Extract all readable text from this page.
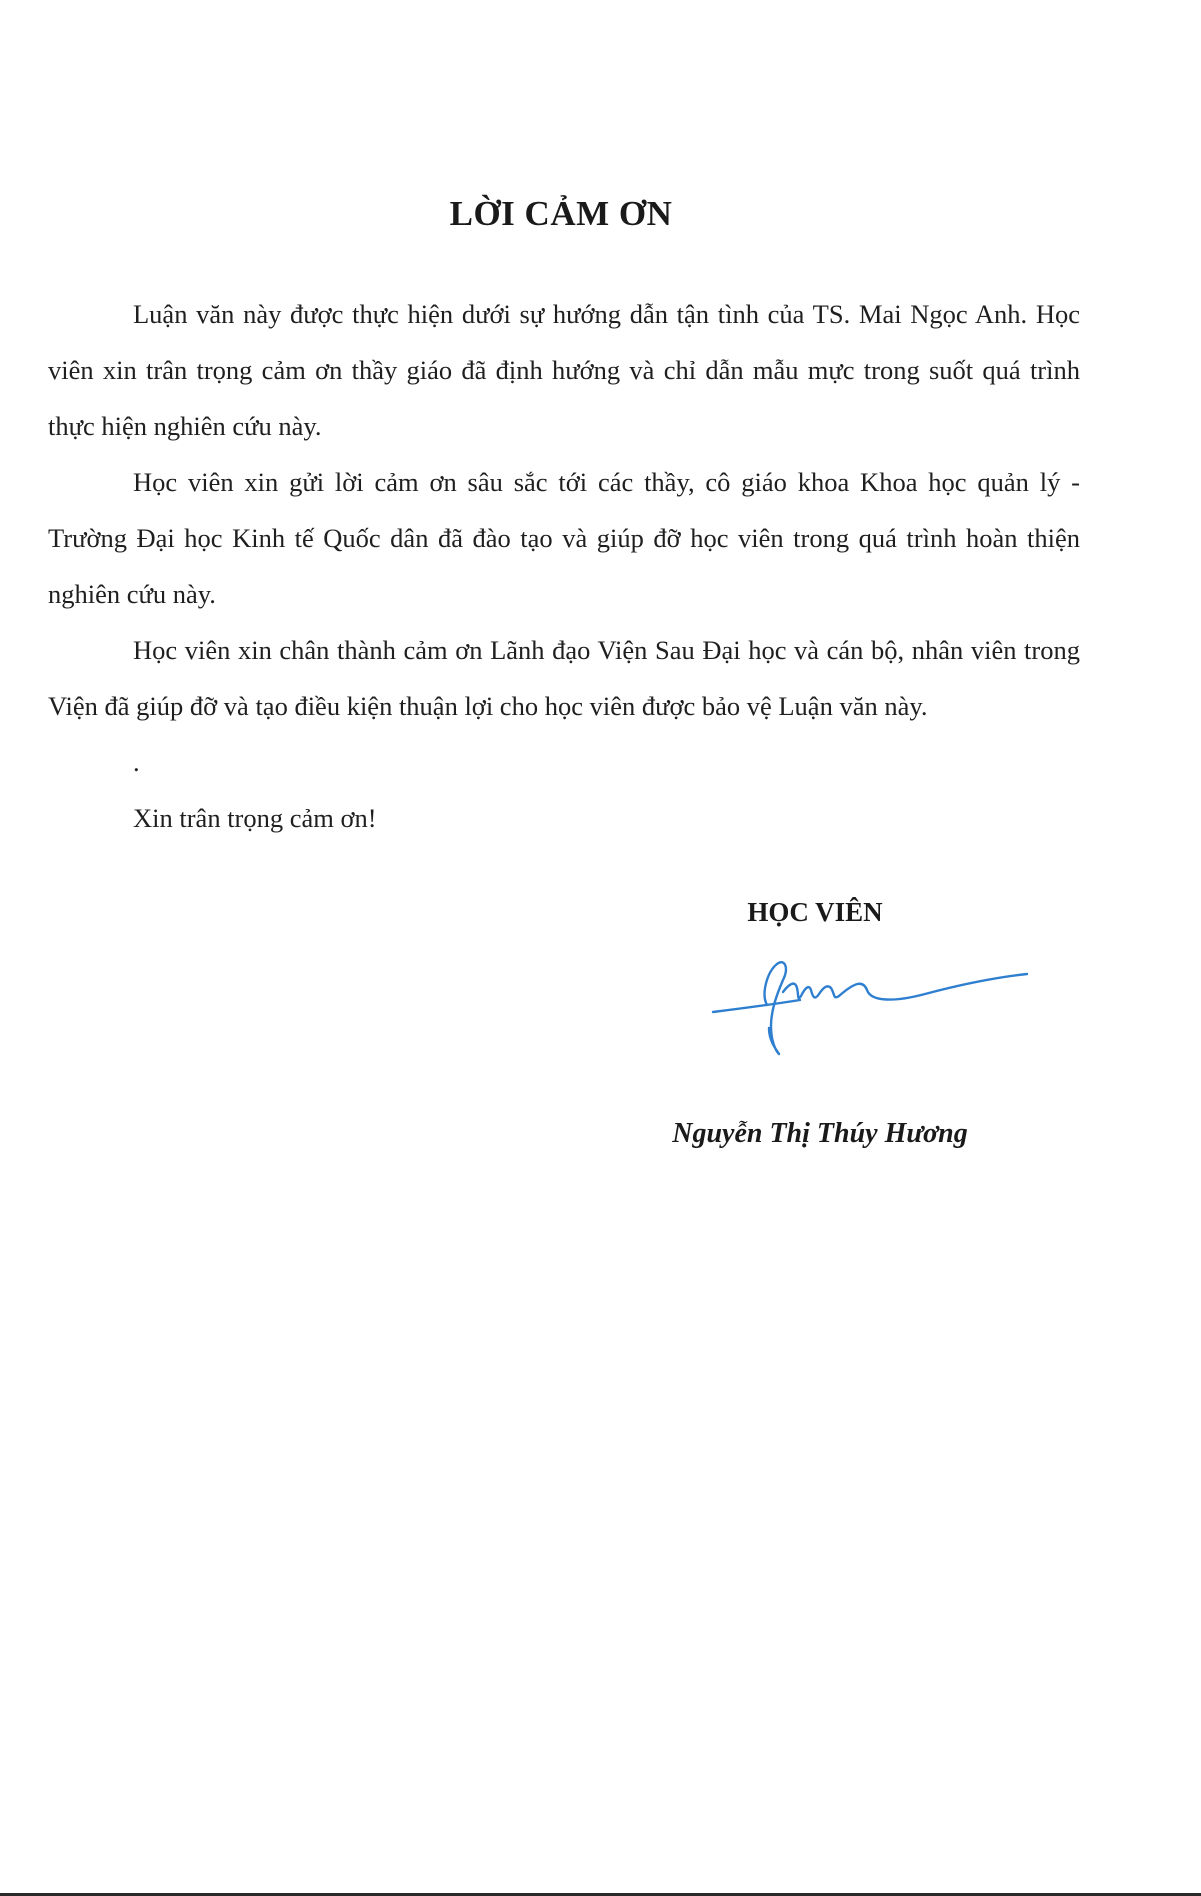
LỜI CẢM ƠN

Luận văn này được thực hiện dưới sự hướng dẫn tận tình của TS. Mai Ngọc Anh. Học viên xin trân trọng cảm ơn thầy giáo đã định hướng và chỉ dẫn mẫu mực trong suốt quá trình thực hiện nghiên cứu này.

Học viên xin gửi lời cảm ơn sâu sắc tới các thầy, cô giáo khoa Khoa học quản lý - Trường Đại học Kinh tế Quốc dân đã đào tạo và giúp đỡ học viên trong quá trình hoàn thiện nghiên cứu này.

Học viên xin chân thành cảm ơn Lãnh đạo Viện Sau Đại học và cán bộ, nhân viên trong Viện đã giúp đỡ và tạo điều kiện thuận lợi cho học viên được bảo vệ Luận văn này.

.
Xin trân trọng cảm ơn!
HỌC VIÊN
Nguyễn Thị Thúy Hương
